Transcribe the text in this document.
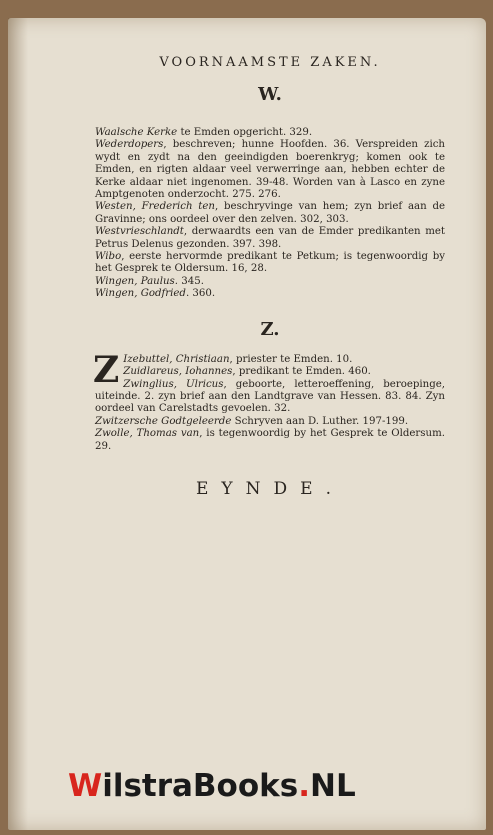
VOORNAAMSTE ZAKEN.
W.

Waalsche Kerke te Emden opgericht. 329.

Wederdopers, beschreven; hunne Hoofden. 36. Verspreiden zich wydt en zydt na den geeindigden boerenkryg; komen ook te Emden, en rigten aldaar veel verwerringe aan, hebben echter de Kerke aldaar niet ingenomen. 39-48. Worden van à Lasco en zyne Amptgenoten onderzocht. 275. 276.

Westen, Frederich ten, beschryvinge van hem; zyn brief aan de Gravinne; ons oordeel over den zelven. 302, 303.

Westvrieschlandt, derwaardts een van de Emder predikanten met Petrus Delenus gezonden. 397. 398.

Wibo, eerste hervormde predikant te Petkum; is tegenwoordig by het Gesprek te Oldersum. 16, 28.

Wingen, Paulus. 345.

Wingen, Godfried. 360.

Z.

Z Izebuttel, Christiaan, priester te Emden. 10.

Zuidlareus, Iohannes, predikant te Emden. 460.

Zwinglius, Ulricus, geboorte, letteroeffening, beroepinge, uiteinde. 2. zyn brief aan den Landtgrave van Hessen. 83. 84. Zyn oordeel van Carelstadts gevoelen. 32.

Zwitzersche Godtgeleerde Schryven aan D. Luther. 197-199.

Zwolle, Thomas van, is tegenwoordig by het Gesprek te Oldersum. 29.

EYNDE.
WilstraBooks.NL
